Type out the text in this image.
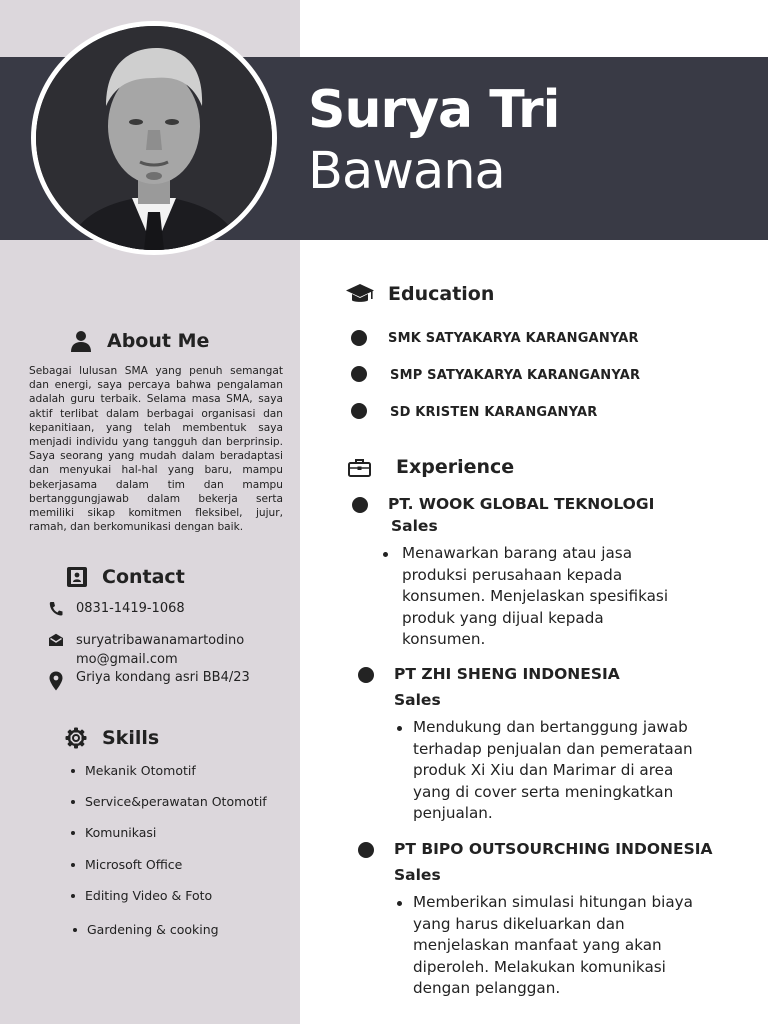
Surya Tri
Bawana
About Me
Sebagai lulusan SMA yang penuh semangat dan energi, saya percaya bahwa pengalaman adalah guru terbaik. Selama masa SMA, saya aktif terlibat dalam berbagai organisasi dan kepanitiaan, yang telah membentuk saya menjadi individu yang tangguh dan berprinsip. Saya seorang yang mudah dalam beradaptasi dan menyukai hal-hal yang baru, mampu bekerjasama dalam tim dan mampu bertanggungjawab dalam bekerja serta memiliki sikap komitmen fleksibel, jujur, ramah, dan berkomunikasi dengan baik.
Contact
0831-1419-1068
suryatribawanamartodino
mo@gmail.com
Griya kondang asri BB4/23
Skills
Mekanik Otomotif
Service&perawatan Otomotif
Komunikasi
Microsoft Office
Editing Video & Foto
Gardening & cooking
Education
SMK SATYAKARYA KARANGANYAR
SMP SATYAKARYA KARANGANYAR
SD KRISTEN KARANGANYAR
Experience
PT. WOOK GLOBAL TEKNOLOGI
Sales
Menawarkan barang atau jasa
produksi perusahaan kepada
konsumen. Menjelaskan spesifikasi
produk yang dijual kepada
konsumen.
PT ZHI SHENG INDONESIA
Sales
Mendukung dan bertanggung jawab
terhadap penjualan dan pemerataan
produk Xi Xiu dan Marimar di area
yang di cover serta meningkatkan
penjualan.
PT BIPO OUTSOURCHING INDONESIA
Sales
Memberikan simulasi hitungan biaya
yang harus dikeluarkan dan
menjelaskan manfaat yang akan
diperoleh. Melakukan komunikasi
dengan pelanggan.
